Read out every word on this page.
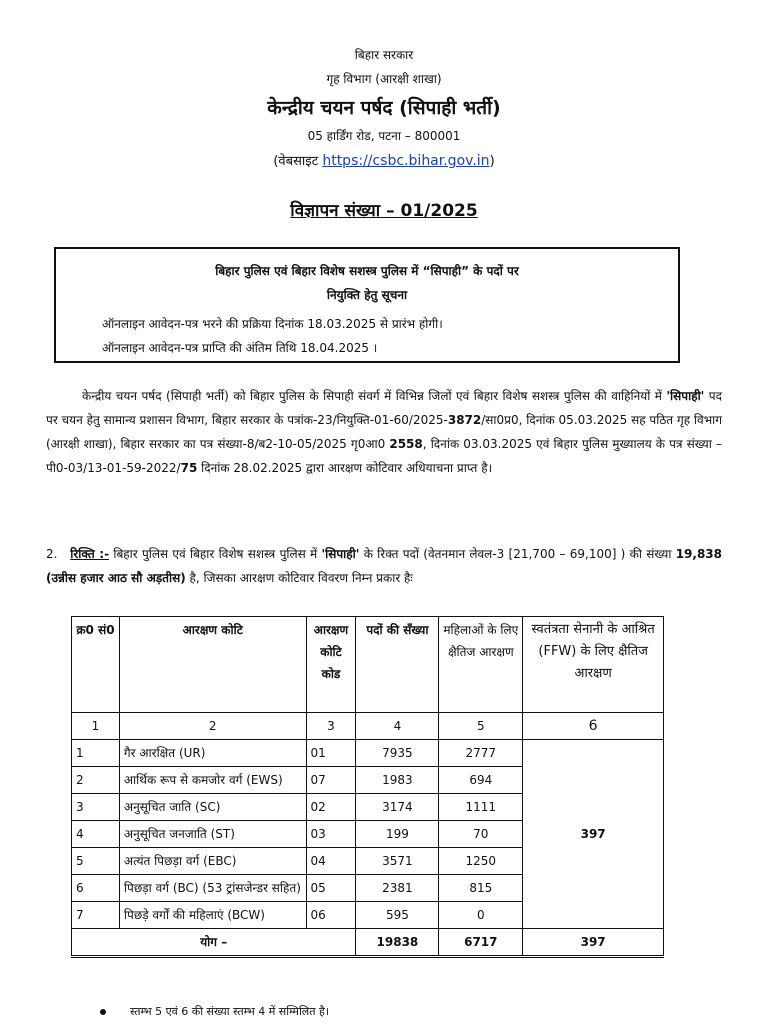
बिहार सरकार
गृह विभाग (आरक्षी शाखा)
केन्द्रीय चयन पर्षद (सिपाही भर्ती)
05 हार्डिंग रोड, पटना – 800001
(वेबसाइट https://csbc.bihar.gov.in)
विज्ञापन संख्या – 01/2025
बिहार पुलिस एवं बिहार विशेष सशस्त्र पुलिस में “सिपाही” के पदों पर
नियुक्ति हेतु सूचना
ऑनलाइन आवेदन-पत्र भरने की प्रक्रिया दिनांक 18.03.2025 से प्रारंभ होगी।
ऑनलाइन आवेदन-पत्र प्राप्ति की अंतिम तिथि 18.04.2025 ।
केन्द्रीय चयन पर्षद (सिपाही भर्ती) को बिहार पुलिस के सिपाही संवर्ग में विभिन्न जिलों एवं बिहार विशेष सशस्त्र पुलिस की वाहिनियों में 'सिपाही' पद पर चयन हेतु सामान्य प्रशासन विभाग, बिहार सरकार के पत्रांक-23/नियुक्ति-01-60/2025-3872/सा0प्र0, दिनांक 05.03.2025 सह पठित गृह विभाग (आरक्षी शाखा), बिहार सरकार का पत्र संख्या-8/ब2-10-05/2025 गृ0आ0 2558, दिनांक 03.03.2025 एवं बिहार पुलिस मुख्यालय के पत्र संख्या – पी0-03/13-01-59-2022/75 दिनांक 28.02.2025 द्वारा आरक्षण कोटिवार अधियाचना प्राप्त है।
2. रिक्ति :- बिहार पुलिस एवं बिहार विशेष सशस्त्र पुलिस में 'सिपाही' के रिक्त पदों (वेतनमान लेवल-3 [21,700 – 69,100] ) की संख्या 19,838 (उन्नीस हजार आठ सौ अड़तीस) है, जिसका आरक्षण कोटिवार विवरण निम्न प्रकार हैः
क्र0 सं0	आरक्षण कोटि	आरक्षण कोटि कोड	पदों की सँख्या	महिलाओं के लिए क्षैतिज आरक्षण	स्वतंत्रता सेनानी के आश्रित (FFW) के लिए क्षैतिज आरक्षण
1	2	3	4	5	6
1	गैर आरक्षित (UR)	01	7935	2777	397
2	आर्थिक रूप से कमजोर वर्ग (EWS)	07	1983	694	
3	अनुसूचित जाति (SC)	02	3174	1111	
4	अनुसूचित जनजाति (ST)	03	199	70	
5	अत्यंत पिछड़ा वर्ग (EBC)	04	3571	1250	
6	पिछड़ा वर्ग (BC) (53 ट्रांसजेन्डर सहित)	05	2381	815	
7	पिछड़े वर्गों की महिलाएं (BCW)	06	595	0	
योग –			19838	6717	397
स्तम्भ 5 एवं 6 की संख्या स्तम्भ 4 में सम्मिलित है।
